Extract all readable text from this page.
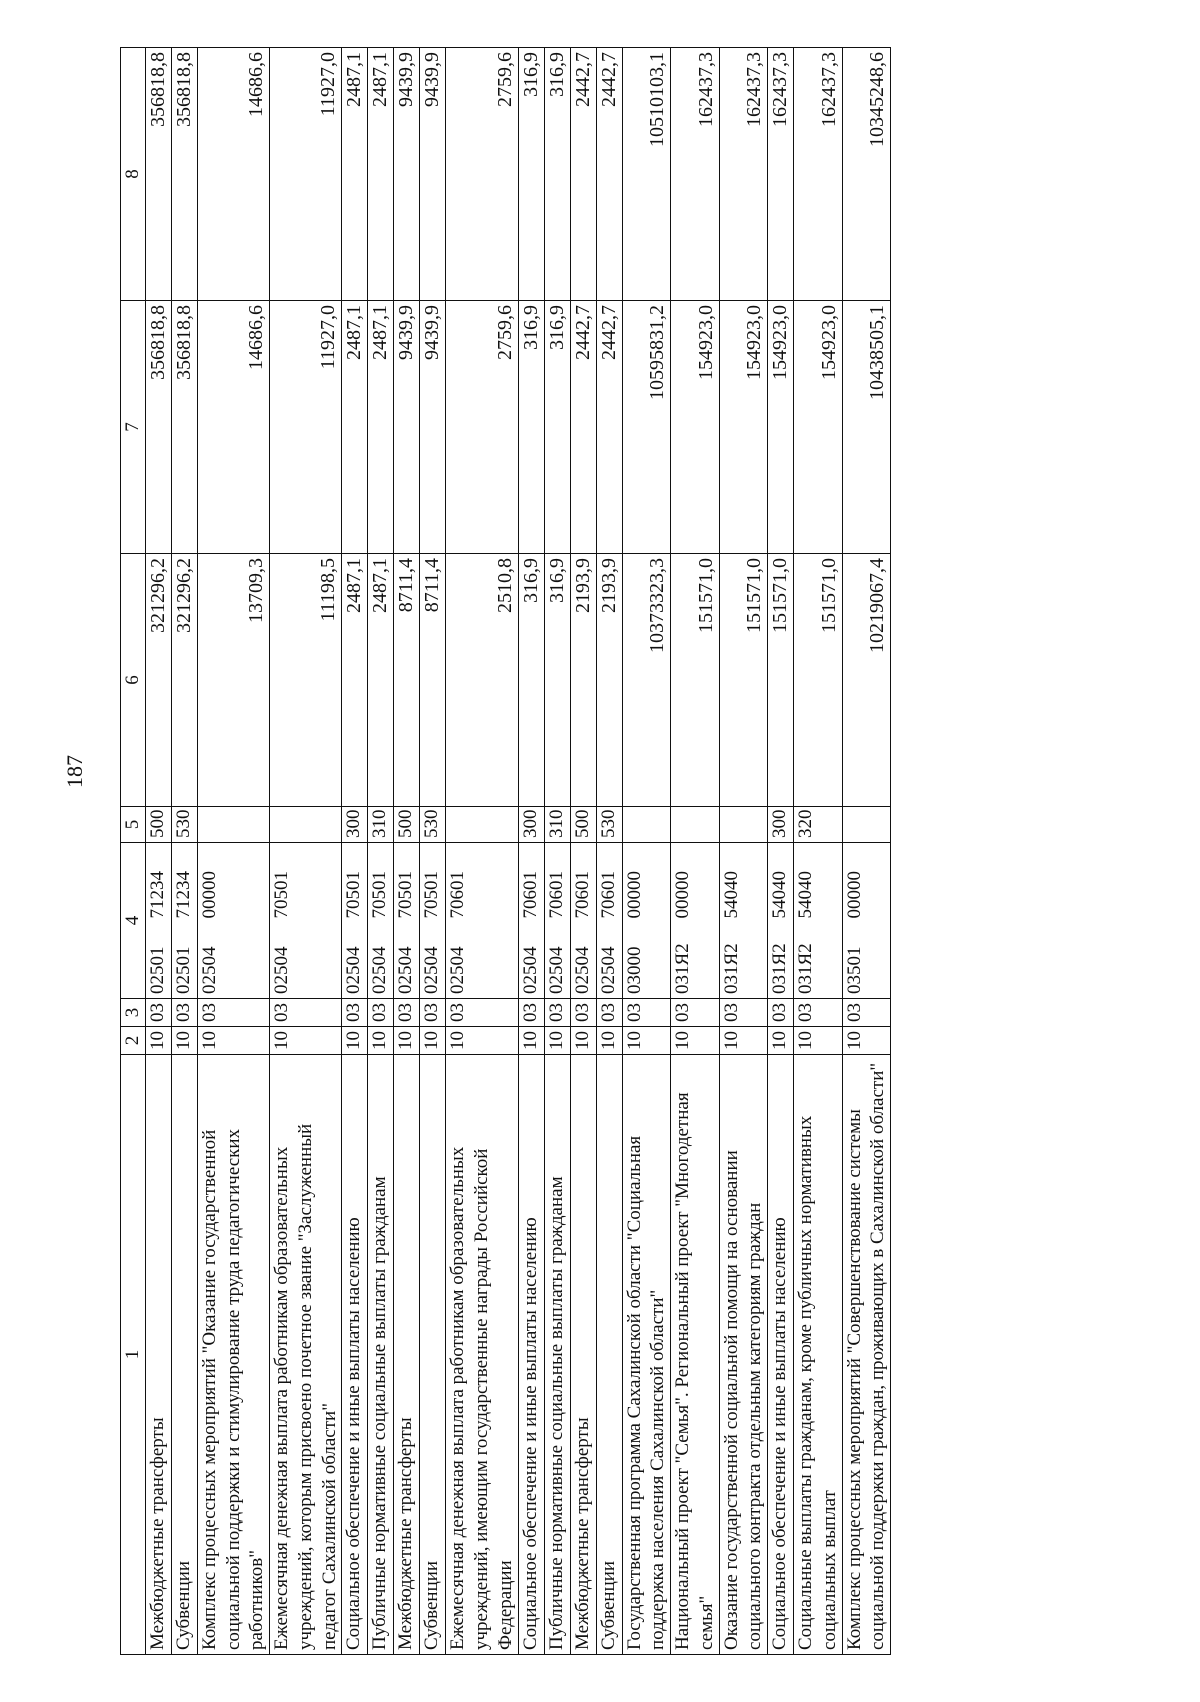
187
1	2	3	4		5	6	7	8
Межбюджетные трансферты	10	03	02501	71234	500	321296,2	356818,8	356818,8
Субвенции	10	03	02501	71234	530	321296,2	356818,8	356818,8
Комплекс процессных мероприятий "Оказание государственной социальной поддержки и стимулирование труда педагогических работников"	10	03	02504	00000		13709,3	14686,6	14686,6
Ежемесячная денежная выплата работникам образовательных учреждений, которым присвоено почетное звание "Заслуженный педагог Сахалинской области"	10	03	02504	70501		11198,5	11927,0	11927,0
Социальное обеспечение и иные выплаты населению	10	03	02504	70501	300	2487,1	2487,1	2487,1
Публичные нормативные социальные выплаты гражданам	10	03	02504	70501	310	2487,1	2487,1	2487,1
Межбюджетные трансферты	10	03	02504	70501	500	8711,4	9439,9	9439,9
Субвенции	10	03	02504	70501	530	8711,4	9439,9	9439,9
Ежемесячная денежная выплата работникам образовательных учреждений, имеющим государственные награды Российской Федерации	10	03	02504	70601		2510,8	2759,6	2759,6
Социальное обеспечение и иные выплаты населению	10	03	02504	70601	300	316,9	316,9	316,9
Публичные нормативные социальные выплаты гражданам	10	03	02504	70601	310	316,9	316,9	316,9
Межбюджетные трансферты	10	03	02504	70601	500	2193,9	2442,7	2442,7
Субвенции	10	03	02504	70601	530	2193,9	2442,7	2442,7
Государственная программа Сахалинской области "Социальная поддержка населения Сахалинской области"	10	03	03000	00000		10373323,3	10595831,2	10510103,1
Национальный проект "Семья". Региональный проект "Многодетная семья"	10	03	031Я2	00000		151571,0	154923,0	162437,3
Оказание государственной социальной помощи на основании социального контракта отдельным категориям граждан	10	03	031Я2	54040		151571,0	154923,0	162437,3
Социальное обеспечение и иные выплаты населению	10	03	031Я2	54040	300	151571,0	154923,0	162437,3
Социальные выплаты гражданам, кроме публичных нормативных социальных выплат	10	03	031Я2	54040	320	151571,0	154923,0	162437,3
Комплекс процессных мероприятий "Совершенствование системы социальной поддержки граждан, проживающих в Сахалинской области"	10	03	03501	00000		10219067,4	10438505,1	10345248,6
